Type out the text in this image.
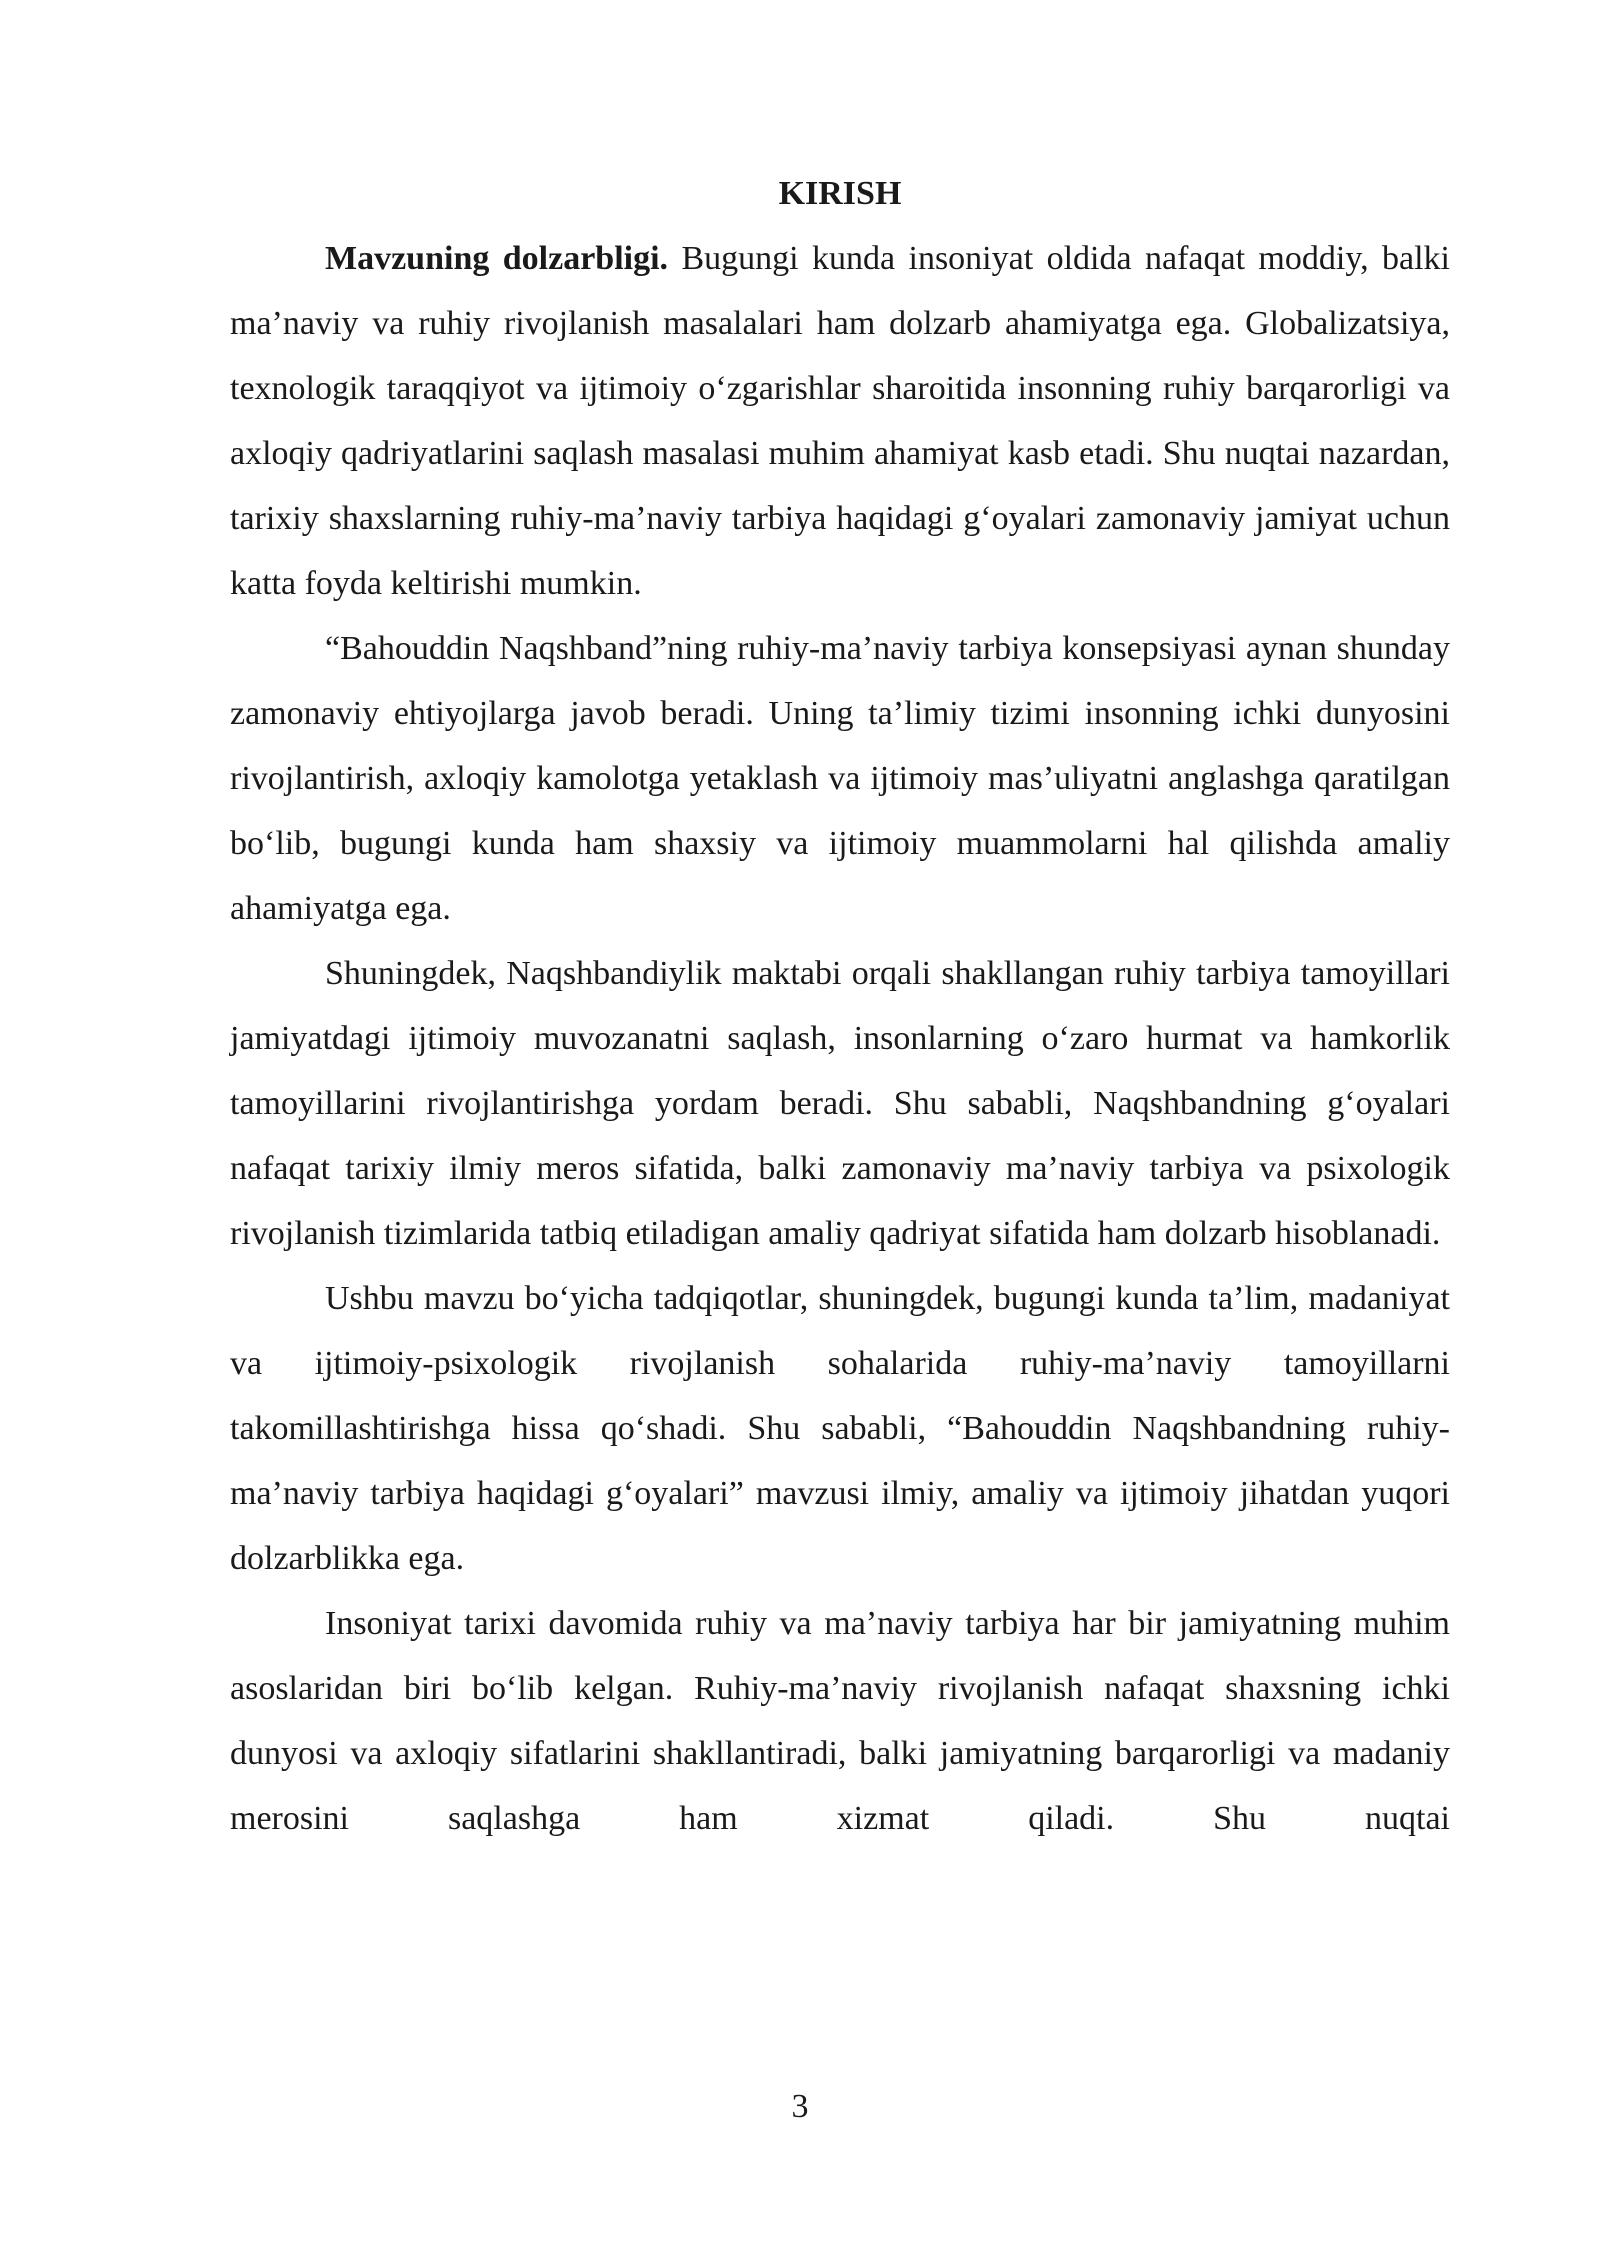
KIRISH

Mavzuning dolzarbligi. Bugungi kunda insoniyat oldida nafaqat moddiy, balki ma’naviy va ruhiy rivojlanish masalalari ham dolzarb ahamiyatga ega. Globalizatsiya, texnologik taraqqiyot va ijtimoiy o‘zgarishlar sharoitida insonning ruhiy barqarorligi va axloqiy qadriyatlarini saqlash masalasi muhim ahamiyat kasb etadi. Shu nuqtai nazardan, tarixiy shaxslarning ruhiy-ma’naviy tarbiya haqidagi g‘oyalari zamonaviy jamiyat uchun katta foyda keltirishi mumkin.

“Bahouddin Naqshband”ning ruhiy-ma’naviy tarbiya konsepsiyasi aynan shunday zamonaviy ehtiyojlarga javob beradi. Uning ta’limiy tizimi insonning ichki dunyosini rivojlantirish, axloqiy kamolotga yetaklash va ijtimoiy mas’uliyatni anglashga qaratilgan bo‘lib, bugungi kunda ham shaxsiy va ijtimoiy muammolarni hal qilishda amaliy ahamiyatga ega.

Shuningdek, Naqshbandiylik maktabi orqali shakllangan ruhiy tarbiya tamoyillari jamiyatdagi ijtimoiy muvozanatni saqlash, insonlarning o‘zaro hurmat va hamkorlik tamoyillarini rivojlantirishga yordam beradi. Shu sababli, Naqshbandning g‘oyalari nafaqat tarixiy ilmiy meros sifatida, balki zamonaviy ma’naviy tarbiya va psixologik rivojlanish tizimlarida tatbiq etiladigan amaliy qadriyat sifatida ham dolzarb hisoblanadi.

Ushbu mavzu bo‘yicha tadqiqotlar, shuningdek, bugungi kunda ta’lim, madaniyat va ijtimoiy-psixologik rivojlanish sohalarida ruhiy-ma’naviy tamoyillarni takomillashtirishga hissa qo‘shadi. Shu sababli, “Bahouddin Naqshbandning ruhiy-ma’naviy tarbiya haqidagi g‘oyalari” mavzusi ilmiy, amaliy va ijtimoiy jihatdan yuqori dolzarblikka ega.

Insoniyat tarixi davomida ruhiy va ma’naviy tarbiya har bir jamiyatning muhim asoslaridan biri bo‘lib kelgan. Ruhiy-ma’naviy rivojlanish nafaqat shaxsning ichki dunyosi va axloqiy sifatlarini shakllantiradi, balki jamiyatning barqarorligi va madaniy merosini saqlashga ham xizmat qiladi. Shu nuqtai

3
